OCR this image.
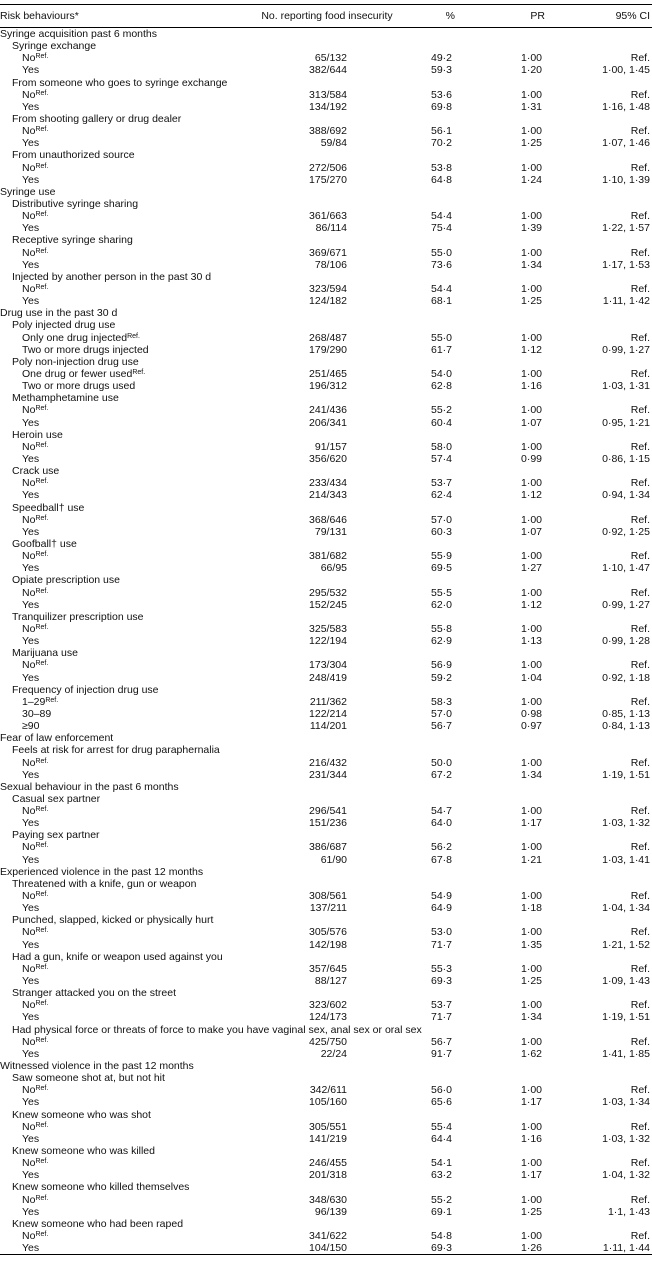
Risk behaviours*	No. reporting food insecurity	%	PR	95% CI
Syringe acquisition past 6 months				
Syringe exchange				
$No^{Ref.}$	65/132	49·2	1·00	Ref.
Yes	382/644	59·3	1·20	1·00, 1·45
From someone who goes to syringe exchange				
$No^{Ref.}$	313/584	53·6	1·00	Ref.
Yes	134/192	69·8	1·31	1·16, 1·48
From shooting gallery or drug dealer				
$No^{Ref.}$	388/692	56·1	1·00	Ref.
Yes	59/84	70·2	1·25	1·07, 1·46
From unauthorized source				
$No^{Ref.}$	272/506	53·8	1·00	Ref.
Yes	175/270	64·8	1·24	1·10, 1·39
Syringe use				
Distributive syringe sharing				
$No^{Ref.}$	361/663	54·4	1·00	Ref.
Yes	86/114	75·4	1·39	1·22, 1·57
Receptive syringe sharing				
$No^{Ref.}$	369/671	55·0	1·00	Ref.
Yes	78/106	73·6	1·34	1·17, 1·53
Injected by another person in the past 30 d				
$No^{Ref.}$	323/594	54·4	1·00	Ref.
Yes	124/182	68·1	1·25	1·11, 1·42
Drug use in the past 30 d				
Poly injected drug use				
Only one drug injected$^{Ref.}$	268/487	55·0	1·00	Ref.
Two or more drugs injected	179/290	61·7	1·12	0·99, 1·27
Poly non-injection drug use				
One drug or fewer used$^{Ref.}$	251/465	54·0	1·00	Ref.
Two or more drugs used	196/312	62·8	1·16	1·03, 1·31
Methamphetamine use				
$No^{Ref.}$	241/436	55·2	1·00	Ref.
Yes	206/341	60·4	1·07	0·95, 1·21
Heroin use				
$No^{Ref.}$	91/157	58·0	1·00	Ref.
Yes	356/620	57·4	0·99	0·86, 1·15
Crack use				
$No^{Ref.}$	233/434	53·7	1·00	Ref.
Yes	214/343	62·4	1·12	0·94, 1·34
Speedball† use				
$No^{Ref.}$	368/646	57·0	1·00	Ref.
Yes	79/131	60·3	1·07	0·92, 1·25
Goofball† use				
$No^{Ref.}$	381/682	55·9	1·00	Ref.
Yes	66/95	69·5	1·27	1·10, 1·47
Opiate prescription use				
$No^{Ref.}$	295/532	55·5	1·00	Ref.
Yes	152/245	62·0	1·12	0·99, 1·27
Tranquilizer prescription use				
$No^{Ref.}$	325/583	55·8	1·00	Ref.
Yes	122/194	62·9	1·13	0·99, 1·28
Marijuana use				
$No^{Ref.}$	173/304	56·9	1·00	Ref.
Yes	248/419	59·2	1·04	0·92, 1·18
Frequency of injection drug use				
$1-29^{Ref.}$	211/362	58·3	1·00	Ref.
30–89	122/214	57·0	0·98	0·85, 1·13
≥90	114/201	56·7	0·97	0·84, 1·13
Fear of law enforcement				
Feels at risk for arrest for drug paraphernalia				
$No^{Ref.}$	216/432	50·0	1·00	Ref.
Yes	231/344	67·2	1·34	1·19, 1·51
Sexual behaviour in the past 6 months				
Casual sex partner				
$No^{Ref.}$	296/541	54·7	1·00	Ref.
Yes	151/236	64·0	1·17	1·03, 1·32
Paying sex partner				
$No^{Ref.}$	386/687	56·2	1·00	Ref.
Yes	61/90	67·8	1·21	1·03, 1·41
Experienced violence in the past 12 months				
Threatened with a knife, gun or weapon				
$No^{Ref.}$	308/561	54·9	1·00	Ref.
Yes	137/211	64·9	1·18	1·04, 1·34
Punched, slapped, kicked or physically hurt				
$No^{Ref.}$	305/576	53·0	1·00	Ref.
Yes	142/198	71·7	1·35	1·21, 1·52
Had a gun, knife or weapon used against you				
$No^{Ref.}$	357/645	55·3	1·00	Ref.
Yes	88/127	69·3	1·25	1·09, 1·43
Stranger attacked you on the street				
$No^{Ref.}$	323/602	53·7	1·00	Ref.
Yes	124/173	71·7	1·34	1·19, 1·51
Had physical force or threats of force to make you have vaginal sex, anal sex or oral sex				
$No^{Ref.}$	425/750	56·7	1·00	Ref.
Yes	22/24	91·7	1·62	1·41, 1·85
Witnessed violence in the past 12 months				
Saw someone shot at, but not hit				
$No^{Ref.}$	342/611	56·0	1·00	Ref.
Yes	105/160	65·6	1·17	1·03, 1·34
Knew someone who was shot				
$No^{Ref.}$	305/551	55·4	1·00	Ref.
Yes	141/219	64·4	1·16	1·03, 1·32
Knew someone who was killed				
$No^{Ref.}$	246/455	54·1	1·00	Ref.
Yes	201/318	63·2	1·17	1·04, 1·32
Knew someone who killed themselves				
$No^{Ref.}$	348/630	55·2	1·00	Ref.
Yes	96/139	69·1	1·25	1·1, 1·43
Knew someone who had been raped				
$No^{Ref.}$	341/622	54·8	1·00	Ref.
Yes	104/150	69·3	1·26	1·11, 1·44
